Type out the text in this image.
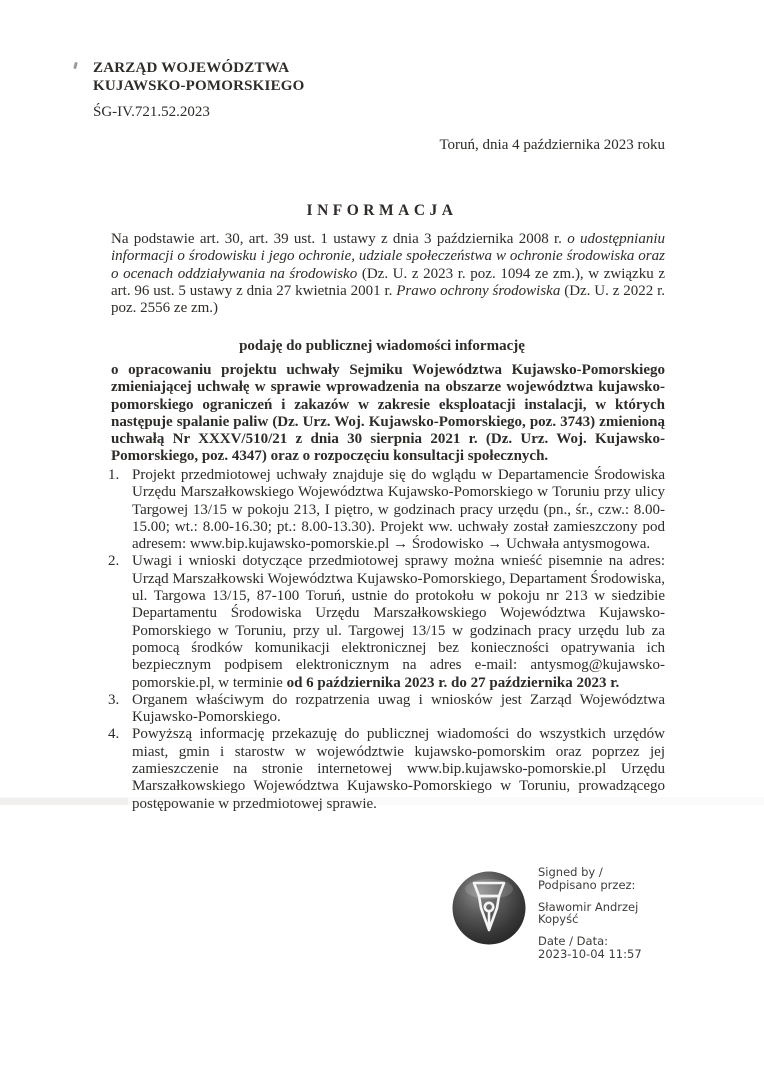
ZARZĄD WOJEWÓDZTWA
KUJAWSKO-POMORSKIEGO
ŚG-IV.721.52.2023
Toruń, dnia 4 października 2023 roku
INFORMACJA

Na podstawie art. 30, art. 39 ust. 1 ustawy z dnia 3 października 2008 r. o udostępnianiu informacji o środowisku i jego ochronie, udziale społeczeństwa w ochronie środowiska oraz o ocenach oddziaływania na środowisko (Dz. U. z 2023 r. poz. 1094 ze zm.), w związku z art. 96 ust. 5 ustawy z dnia 27 kwietnia 2001 r. Prawo ochrony środowiska (Dz. U. z 2022 r. poz. 2556 ze zm.)

podaję do publicznej wiadomości informację

o opracowaniu projektu uchwały Sejmiku Województwa Kujawsko-Pomorskiego zmieniającej uchwałę w sprawie wprowadzenia na obszarze województwa kujawsko-pomorskiego ograniczeń i zakazów w zakresie eksploatacji instalacji, w których następuje spalanie paliw (Dz. Urz. Woj. Kujawsko-Pomorskiego, poz. 3743) zmienioną uchwałą Nr XXXV/510/21 z dnia 30 sierpnia 2021 r. (Dz. Urz. Woj. Kujawsko-Pomorskiego, poz. 4347) oraz o rozpoczęciu konsultacji społecznych.

1. Projekt przedmiotowej uchwały znajduje się do wglądu w Departamencie Środowiska Urzędu Marszałkowskiego Województwa Kujawsko-Pomorskiego w Toruniu przy ulicy Targowej 13/15 w pokoju 213, I piętro, w godzinach pracy urzędu (pn., śr., czw.: 8.00-15.00; wt.: 8.00-16.30; pt.: 8.00-13.30). Projekt ww. uchwały został zamieszczony pod adresem: www.bip.kujawsko-pomorskie.pl → Środowisko → Uchwała antysmogowa.
2. Uwagi i wnioski dotyczące przedmiotowej sprawy można wnieść pisemnie na adres: Urząd Marszałkowski Województwa Kujawsko-Pomorskiego, Departament Środowiska, ul. Targowa 13/15, 87-100 Toruń, ustnie do protokołu w pokoju nr 213 w siedzibie Departamentu Środowiska Urzędu Marszałkowskiego Województwa Kujawsko-Pomorskiego w Toruniu, przy ul. Targowej 13/15 w godzinach pracy urzędu lub za pomocą środków komunikacji elektronicznej bez konieczności opatrywania ich bezpiecznym podpisem elektronicznym na adres e-mail: antysmog@kujawsko-pomorskie.pl, w terminie od 6 października 2023 r. do 27 października 2023 r.
3. Organem właściwym do rozpatrzenia uwag i wniosków jest Zarząd Województwa Kujawsko-Pomorskiego.
4. Powyższą informację przekazuję do publicznej wiadomości do wszystkich urzędów miast, gmin i starostw w województwie kujawsko-pomorskim oraz poprzez jej zamieszczenie na stronie internetowej www.bip.kujawsko-pomorskie.pl Urzędu Marszałkowskiego Województwa Kujawsko-Pomorskiego w Toruniu, prowadzącego postępowanie w przedmiotowej sprawie.
Signed by /
Podpisano przez:
Sławomir Andrzej
Kopyść
Date / Data:
2023-10-04 11:57
